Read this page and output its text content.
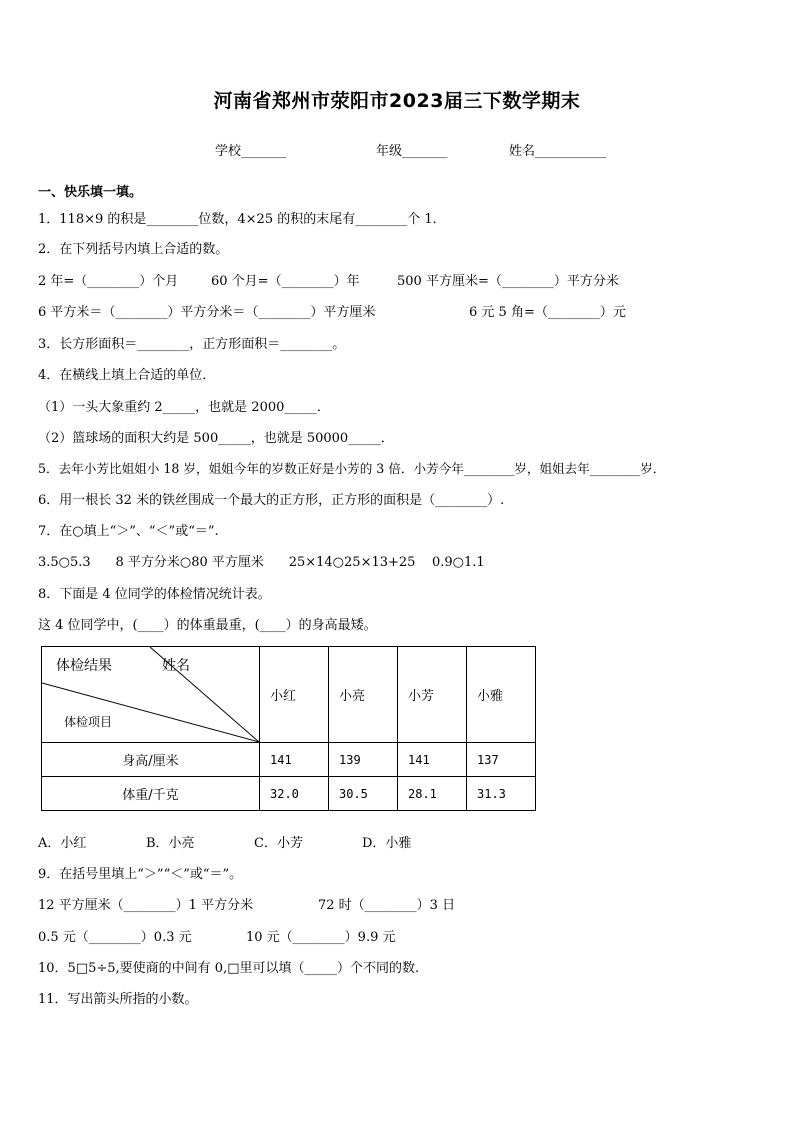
河南省郑州市荥阳市2023届三下数学期末
学校_______	年级_______	姓名___________
一、快乐填一填。
1．118×9 的积是________位数，4×25 的积的末尾有________个 1．
2．在下列括号内填上合适的数。
2 年=（________）个月	60 个月=（________）年	500 平方厘米=（________）平方分米
6 平方米＝（________）平方分米＝（________）平方厘米	6 元 5 角=（________）元
3．长方形面积＝________，正方形面积＝________。
4．在横线上填上合适的单位．
（1）一头大象重约 2_____，也就是 2000_____．
（2）篮球场的面积大约是 500_____，也就是 50000_____．
5．去年小芳比姐姐小 18 岁，姐姐今年的岁数正好是小芳的 3 倍．小芳今年________岁，姐姐去年________岁．
6．用一根长 32 米的铁丝围成一个最大的正方形，正方形的面积是（________）.
7．在○填上“＞”、“＜”或“＝”.
3.5○5.3      8 平方分米○80 平方厘米      25×14○25×13+25    0.9○1.1
8．下面是 4 位同学的体检情况统计表。
这 4 位同学中，(____）的体重最重，(____）的身高最矮。
体检结果 姓名
体检项目	小红	小亮	小芳	小雅
身高/厘米	141	139	141	137
体重/千克	32.0	30.5	28.1	31.3
A．小红	B．小亮	C．小芳	D．小雅
9．在括号里填上“＞”“＜”或“＝”。
12 平方厘米（________）1 平方分米	72 时（________）3 日
0.5 元（________）0.3 元	10 元（________）9.9 元
10．5□5÷5,要使商的中间有 0,□里可以填（_____）个不同的数.
11．写出箭头所指的小数。
